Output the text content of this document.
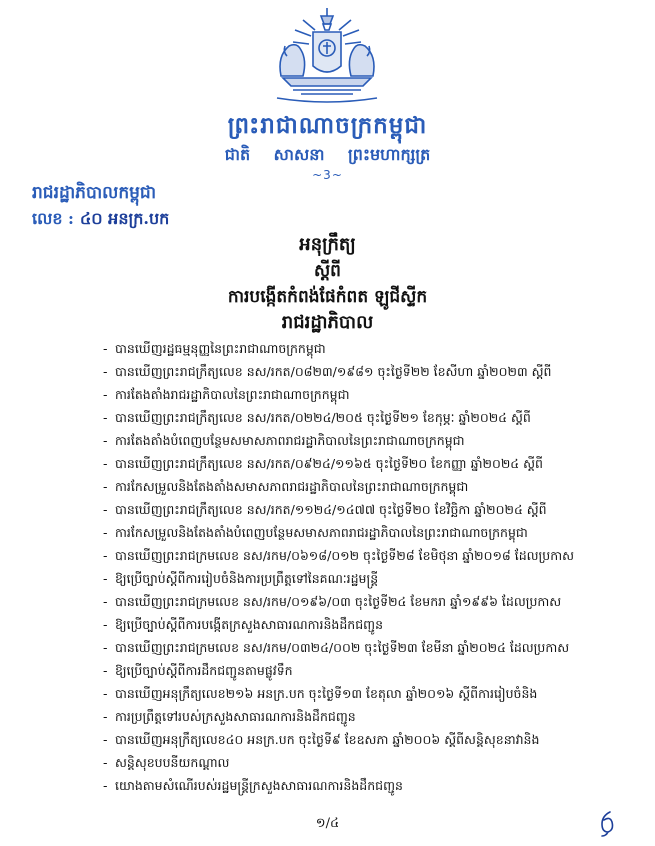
ព្រះរាជាណាចក្រកម្ពុជា
ជាតិ សាសនា ព្រះមហាក្សត្រ
~3~
រាជរដ្ឋាភិបាលកម្ពុជា
លេខ : ៤០ អនក្រ.បក

អនុក្រឹត្យ

ស្តីពី

ការបង្កើតកំពង់ផែកំពត ឡូជីស្ទីក

រាជរដ្ឋាភិបាល

- បានឃើញរដ្ឋធម្មនុញ្ញនៃព្រះរាជាណាចក្រកម្ពុជា
- បានឃើញព្រះរាជក្រឹត្យលេខ នស/រកត/០៨២៣/១៩៨១ ចុះថ្ងៃទី២២ ខែសីហា ឆ្នាំ២០២៣ ស្តីពី
- ការតែងតាំងរាជរដ្ឋាភិបាលនៃព្រះរាជាណាចក្រកម្ពុជា
- បានឃើញព្រះរាជក្រឹត្យលេខ នស/រកត/០២២៤/២០៥ ចុះថ្ងៃទី២១ ខែកុម្ភៈ ឆ្នាំ២០២៤ ស្តីពី
- ការតែងតាំងបំពេញបន្ថែមសមាសភាពរាជរដ្ឋាភិបាលនៃព្រះរាជាណាចក្រកម្ពុជា
- បានឃើញព្រះរាជក្រឹត្យលេខ នស/រកត/០៩២៤/១១៦៥ ចុះថ្ងៃទី២០ ខែកញ្ញា ឆ្នាំ២០២៤ ស្តីពី
- ការកែសម្រួលនិងតែងតាំងសមាសភាពរាជរដ្ឋាភិបាលនៃព្រះរាជាណាចក្រកម្ពុជា
- បានឃើញព្រះរាជក្រឹត្យលេខ នស/រកត/១១២៤/១៤៧៧ ចុះថ្ងៃទី២០ ខែវិច្ឆិកា ឆ្នាំ២០២៤ ស្តីពី
- ការកែសម្រួលនិងតែងតាំងបំពេញបន្ថែមសមាសភាពរាជរដ្ឋាភិបាលនៃព្រះរាជាណាចក្រកម្ពុជា
- បានឃើញព្រះរាជក្រមលេខ នស/រកម/០៦១៨/០១២ ចុះថ្ងៃទី២៨ ខែមិថុនា ឆ្នាំ២០១៨ ដែលប្រកាស
- ឱ្យប្រើច្បាប់ស្តីពីការរៀបចំនិងការប្រព្រឹត្តទៅនៃគណៈរដ្ឋមន្ត្រី
- បានឃើញព្រះរាជក្រមលេខ នស/រកម/០១៩៦/០៣ ចុះថ្ងៃទី២៤ ខែមករា ឆ្នាំ១៩៩៦ ដែលប្រកាស
- ឱ្យប្រើច្បាប់ស្តីពីការបង្កើតក្រសួងសាធារណការនិងដឹកជញ្ជូន
- បានឃើញព្រះរាជក្រមលេខ នស/រកម/០៣២៤/០០២ ចុះថ្ងៃទី២៣ ខែមីនា ឆ្នាំ២០២៤ ដែលប្រកាស
- ឱ្យប្រើច្បាប់ស្តីពីការដឹកជញ្ជូនតាមផ្លូវទឹក
- បានឃើញអនុក្រឹត្យលេខ២១៦ អនក្រ.បក ចុះថ្ងៃទី១៣ ខែតុលា ឆ្នាំ២០១៦ ស្តីពីការរៀបចំនិង
- ការប្រព្រឹត្តទៅរបស់ក្រសួងសាធារណការនិងដឹកជញ្ជូន
- បានឃើញអនុក្រឹត្យលេខ៤០ អនក្រ.បក ចុះថ្ងៃទី៩ ខែឧសភា ឆ្នាំ២០០៦ ស្តីពីសន្តិសុខនាវានិង
- សន្តិសុខបបនីយកណ្តាល
- យោងតាមសំណើរបស់រដ្ឋមន្ត្រីក្រសួងសាធារណការនិងដឹកជញ្ជូន
១/៤
